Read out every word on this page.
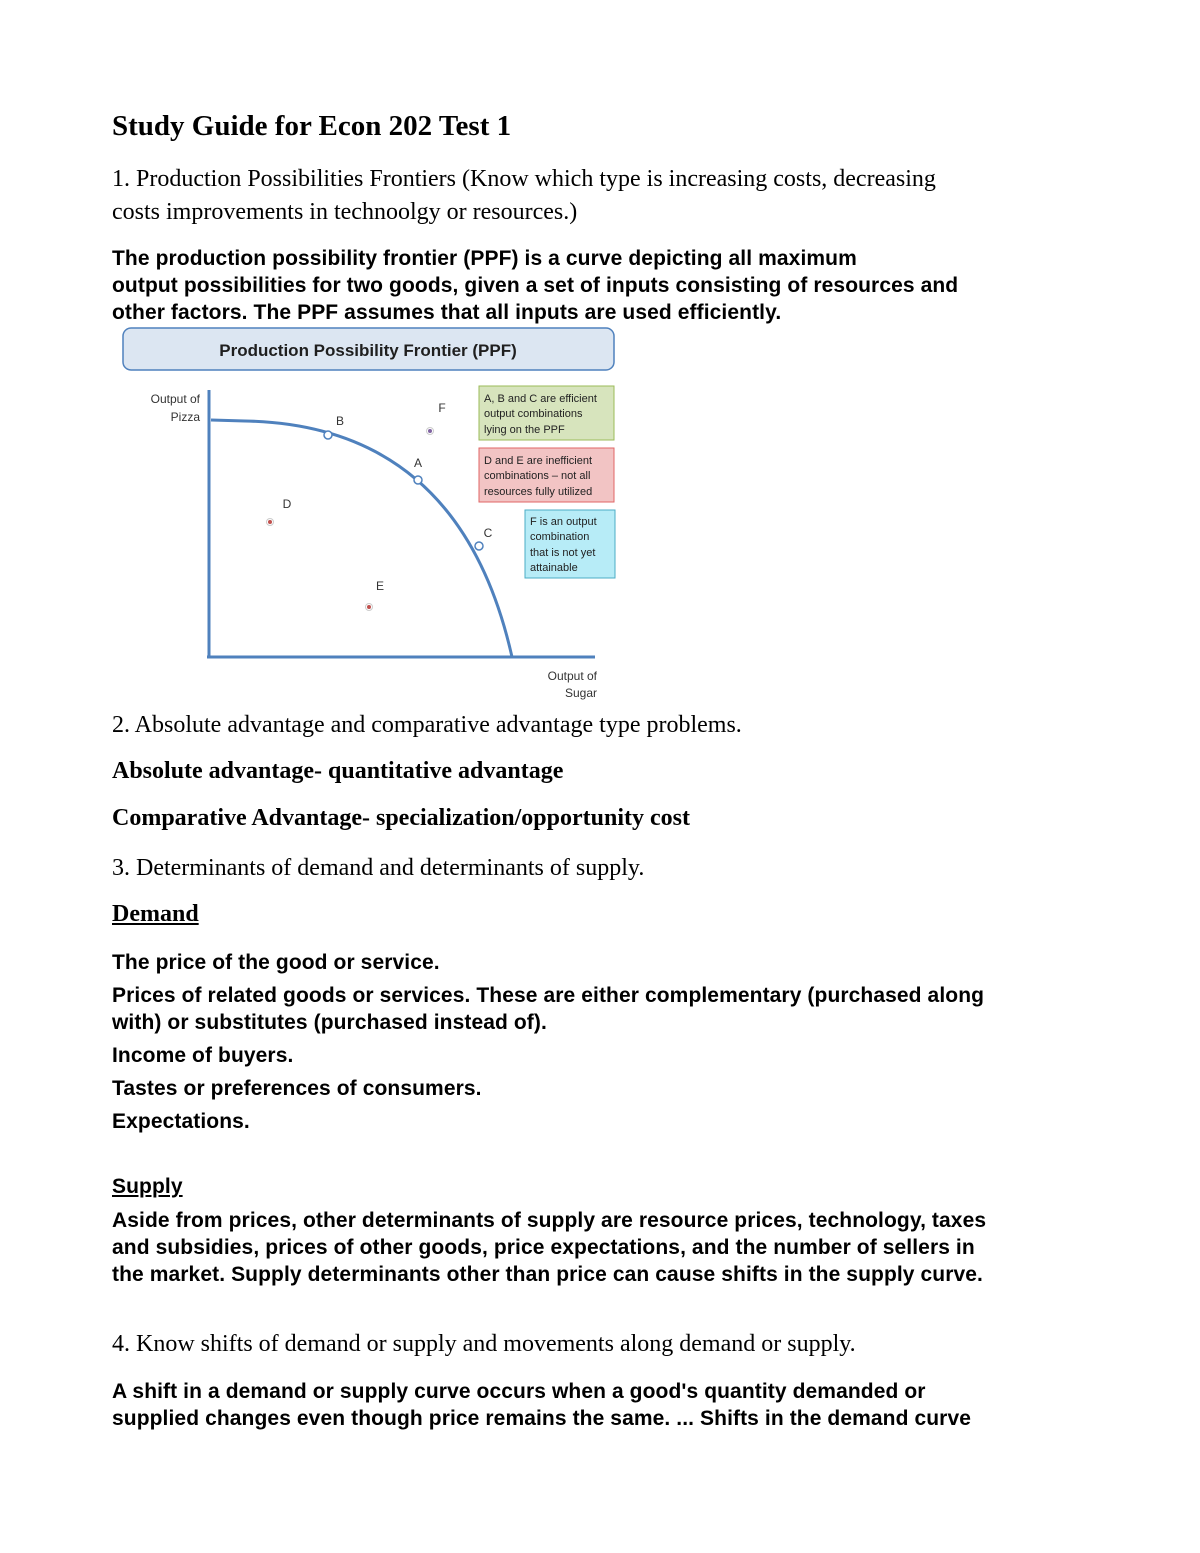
Study Guide for Econ 202 Test 1

1. Production Possibilities Frontiers (Know which type is increasing costs, decreasing

costs improvements in technoolgy or resources.)

The production possibility frontier (PPF) is a curve depicting all maximum

output possibilities for two goods, given a set of inputs consisting of resources and

other factors. The PPF assumes that all inputs are used efficiently.

2. Absolute advantage and comparative advantage type problems.

Absolute advantage- quantitative advantage

Comparative Advantage- specialization/opportunity cost

3. Determinants of demand and determinants of supply.

Demand

The price of the good or service.

Prices of related goods or services. These are either complementary (purchased along

with) or substitutes (purchased instead of).

Income of buyers.

Tastes or preferences of consumers.

Expectations.

Supply

Aside from prices, other determinants of supply are resource prices, technology, taxes

and subsidies, prices of other goods, price expectations, and the number of sellers in

the market. Supply determinants other than price can cause shifts in the supply curve.

4. Know shifts of demand or supply and movements along demand or supply.

A shift in a demand or supply curve occurs when a good's quantity demanded or

supplied changes even though price remains the same. ... Shifts in the demand curve

Production Possibility Frontier (PPF)
Output of
Pizza
Output of
Sugar
B
F
A
D
C
E
A, B and C are efficient
output combinations
lying on the PPF
D and E are inefficient
combinations – not all
resources fully utilized
F is an output
combination
that is not yet
attainable
